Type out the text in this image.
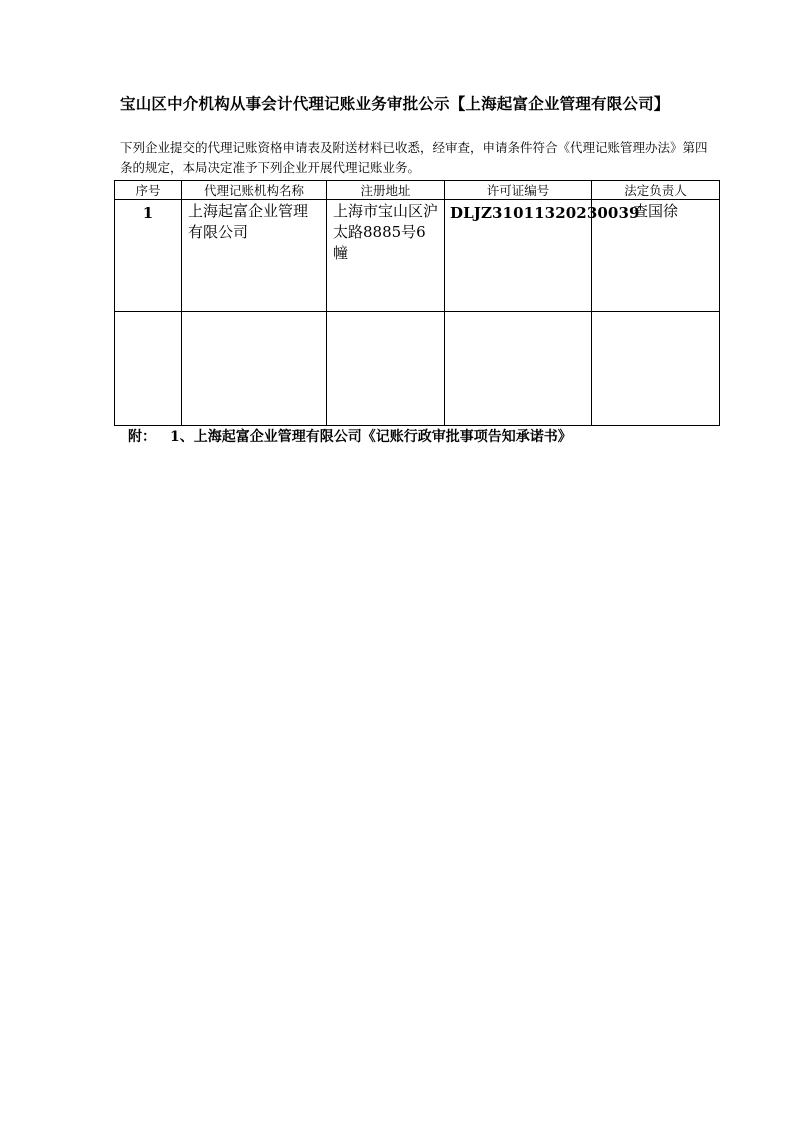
宝山区中介机构从事会计代理记账业务审批公示【上海起富企业管理有限公司】
下列企业提交的代理记账资格申请表及附送材料已收悉，经审查，申请条件符合《代理记账管理办法》第四条的规定，本局决定准予下列企业开展代理记账业务。
序号	代理记账机构名称	注册地址	许可证编号	法定负责人
1	上海起富企业管理有限公司	上海市宝山区沪太路8885号6幢	DLJZ31011320230039	查国徐

附： 1、上海起富企业管理有限公司《记账行政审批事项告知承诺书》
